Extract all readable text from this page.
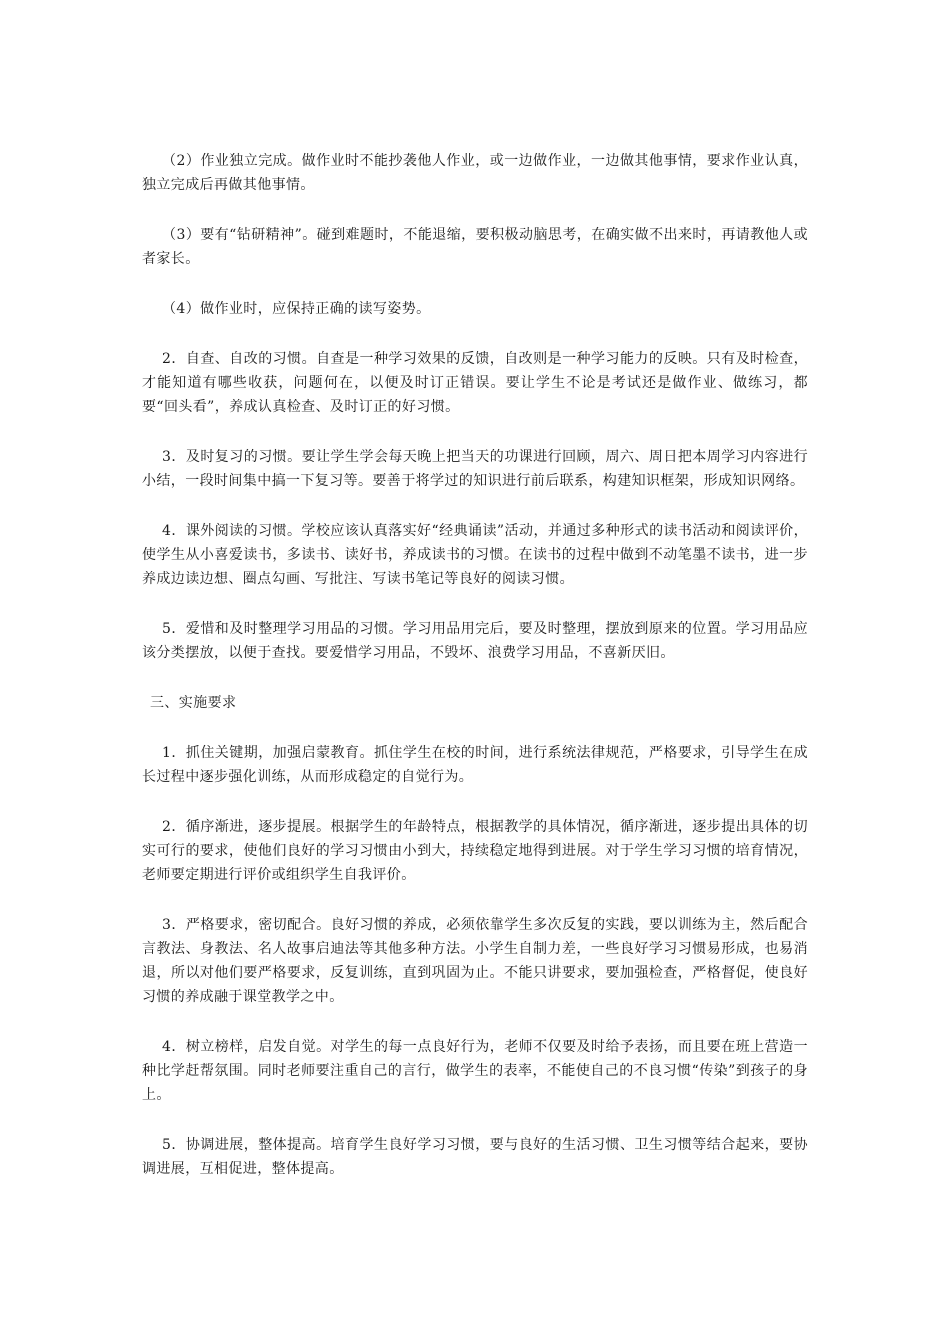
（2）作业独立完成。做作业时不能抄袭他人作业，或一边做作业，一边做其他事情，要求作业认真，独立完成后再做其他事情。

（3）要有“钻研精神”。碰到难题时，不能退缩，要积极动脑思考，在确实做不出来时，再请教他人或者家长。

（4）做作业时，应保持正确的读写姿势。

2．自查、自改的习惯。自查是一种学习效果的反馈，自改则是一种学习能力的反映。只有及时检查，才能知道有哪些收获，问题何在，以便及时订正错误。要让学生不论是考试还是做作业、做练习，都要“回头看”，养成认真检查、及时订正的好习惯。

3．及时复习的习惯。要让学生学会每天晚上把当天的功课进行回顾，周六、周日把本周学习内容进行小结，一段时间集中搞一下复习等。要善于将学过的知识进行前后联系，构建知识框架，形成知识网络。

4．课外阅读的习惯。学校应该认真落实好“经典诵读”活动，并通过多种形式的读书活动和阅读评价，使学生从小喜爱读书，多读书、读好书，养成读书的习惯。在读书的过程中做到不动笔墨不读书，进一步养成边读边想、圈点勾画、写批注、写读书笔记等良好的阅读习惯。

5．爱惜和及时整理学习用品的习惯。学习用品用完后，要及时整理，摆放到原来的位置。学习用品应该分类摆放，以便于查找。要爱惜学习用品，不毁坏、浪费学习用品，不喜新厌旧。

三、实施要求

1．抓住关键期，加强启蒙教育。抓住学生在校的时间，进行系统法律规范，严格要求，引导学生在成长过程中逐步强化训练，从而形成稳定的自觉行为。

2．循序渐进，逐步提展。根据学生的年龄特点，根据教学的具体情况，循序渐进，逐步提出具体的切实可行的要求，使他们良好的学习习惯由小到大，持续稳定地得到进展。对于学生学习习惯的培育情况，老师要定期进行评价或组织学生自我评价。

3．严格要求，密切配合。良好习惯的养成，必须依靠学生多次反复的实践，要以训练为主，然后配合言教法、身教法、名人故事启迪法等其他多种方法。小学生自制力差，一些良好学习习惯易形成，也易消退，所以对他们要严格要求，反复训练，直到巩固为止。不能只讲要求，要加强检查，严格督促，使良好习惯的养成融于课堂教学之中。

4．树立榜样，启发自觉。对学生的每一点良好行为，老师不仅要及时给予表扬，而且要在班上营造一种比学赶帮氛围。同时老师要注重自己的言行，做学生的表率，不能使自己的不良习惯“传染”到孩子的身上。

5．协调进展，整体提高。培育学生良好学习习惯，要与良好的生活习惯、卫生习惯等结合起来，要协调进展，互相促进，整体提高。
